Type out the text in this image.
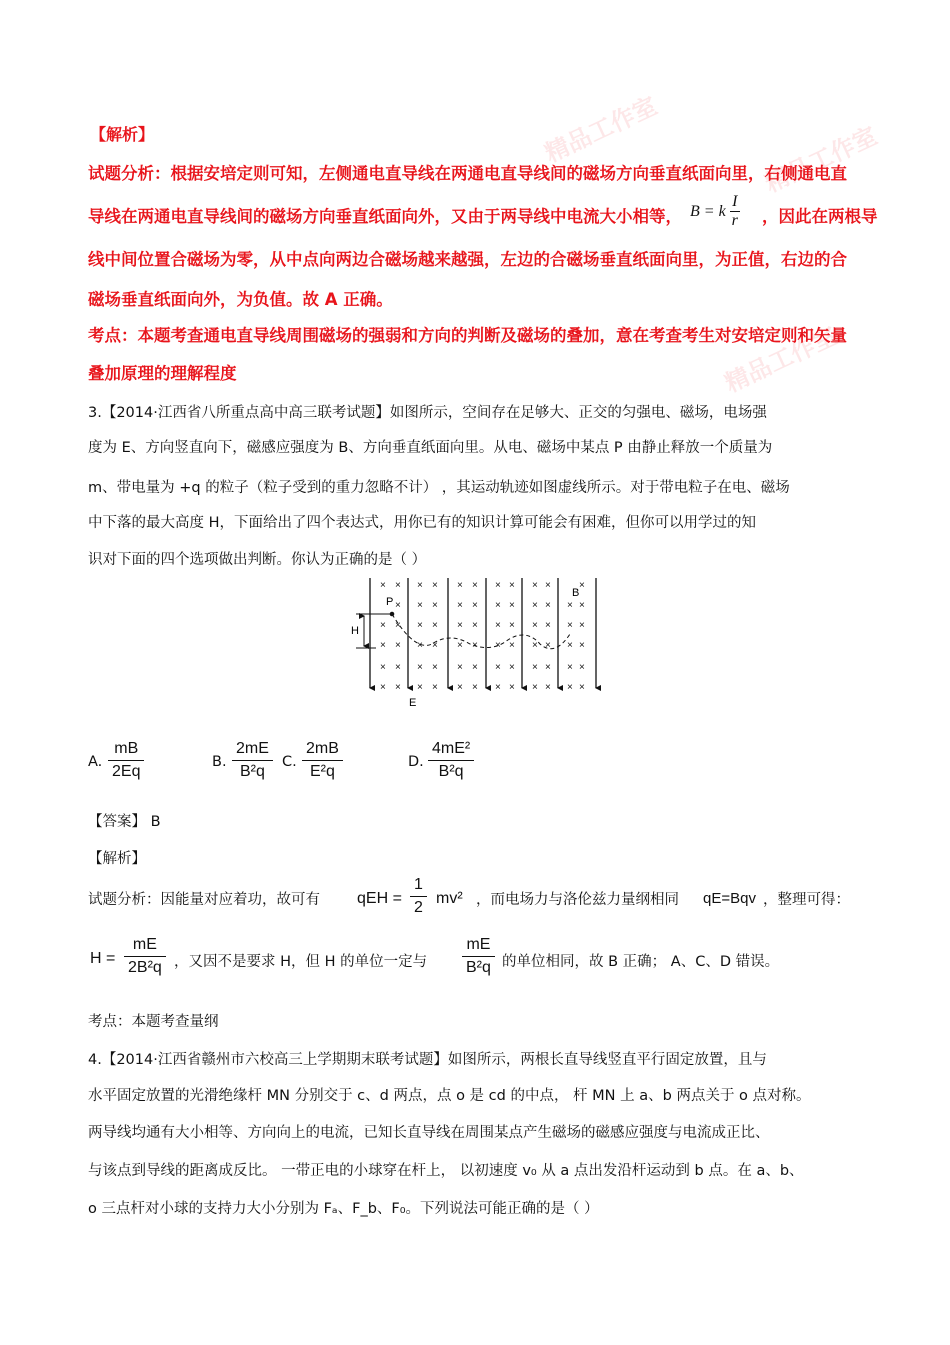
精品工作室	精品工作室
精品工作室
【解析】
试题分析：根据安培定则可知，左侧通电直导线在两通电直导线间的磁场方向垂直纸面向里，右侧通电直
导线在两通电直导线间的磁场方向垂直纸面向外，又由于两导线中电流大小相等， B = k $\frac{I}{r}$ ，因此在两根导
线中间位置合磁场为零，从中点向两边合磁场越来越强，左边的合磁场垂直纸面向里，为正值，右边的合
磁场垂直纸面向外，为负值。故 A 正确。
考点：本题考查通电直导线周围磁场的强弱和方向的判断及磁场的叠加，意在考查考生对安培定则和矢量
叠加原理的理解程度
3.【2014·江西省八所重点高中高三联考试题】如图所示，空间存在足够大、正交的匀强电、磁场，电场强
度为 E、方向竖直向下，磁感应强度为 B、方向垂直纸面向里。从电、磁场中某点 P 由静止释放一个质量为
m、带电量为 +q 的粒子（粒子受到的重力忽略不计） ，其运动轨迹如图虚线所示。对于带电粒子在电、磁场
中下落的最大高度 H，下面给出了四个表达式，用你已有的知识计算可能会有困难，但你可以用学过的知
识对下面的四个选项做出判断。你认为正确的是（ ）
× × × × × × × × × ×	×
× × × × × × × × × × ×
× × × × × × × × × × × ×
× × × × × × × × × × × ×
× × × × × × × × × × × ×
× × × × × × × × × × × ×
H
P
B
E
A. $\frac{mB}{2Eq}$	B. $\frac{2mE}{\text{B²q}} C$. $\frac{2mB}{\text{E²q}}$	D. $\frac{\text{4mE²}}{\text{B²q}}$
【答案】 B
【解析】
试题分析：因能量对应着功，故可有 qEH = $\frac{1}{2} mv^2$ ，而电场力与洛伦兹力量纲相同 qE=Bqv ，整理可得：
$H = \frac{mE}{\text{2B²q}}$ ，又因不是要求 H，但 H 的单位一定与 $\frac{mE}{\text{B²q}}$ 的单位相同，故 B 正确； A、C、D 错误。
考点：本题考查量纲
4.【2014·江西省赣州市六校高三上学期期末联考试题】如图所示，两根长直导线竖直平行固定放置，且与
水平固定放置的光滑绝缘杆 MN 分别交于 c、d 两点，点 o 是 cd 的中点， 杆 MN 上 a、b 两点关于 o 点对称。
两导线均通有大小相等、方向向上的电流，已知长直导线在周围某点产生磁场的磁感应强度与电流成正比、
与该点到导线的距离成反比。 一带正电的小球穿在杆上， 以初速度 v₀ 从 a 点出发沿杆运动到 b 点。在 a、b、
o 三点杆对小球的支持力大小分别为 Fₐ、F_b、F₀。下列说法可能正确的是（ ）
